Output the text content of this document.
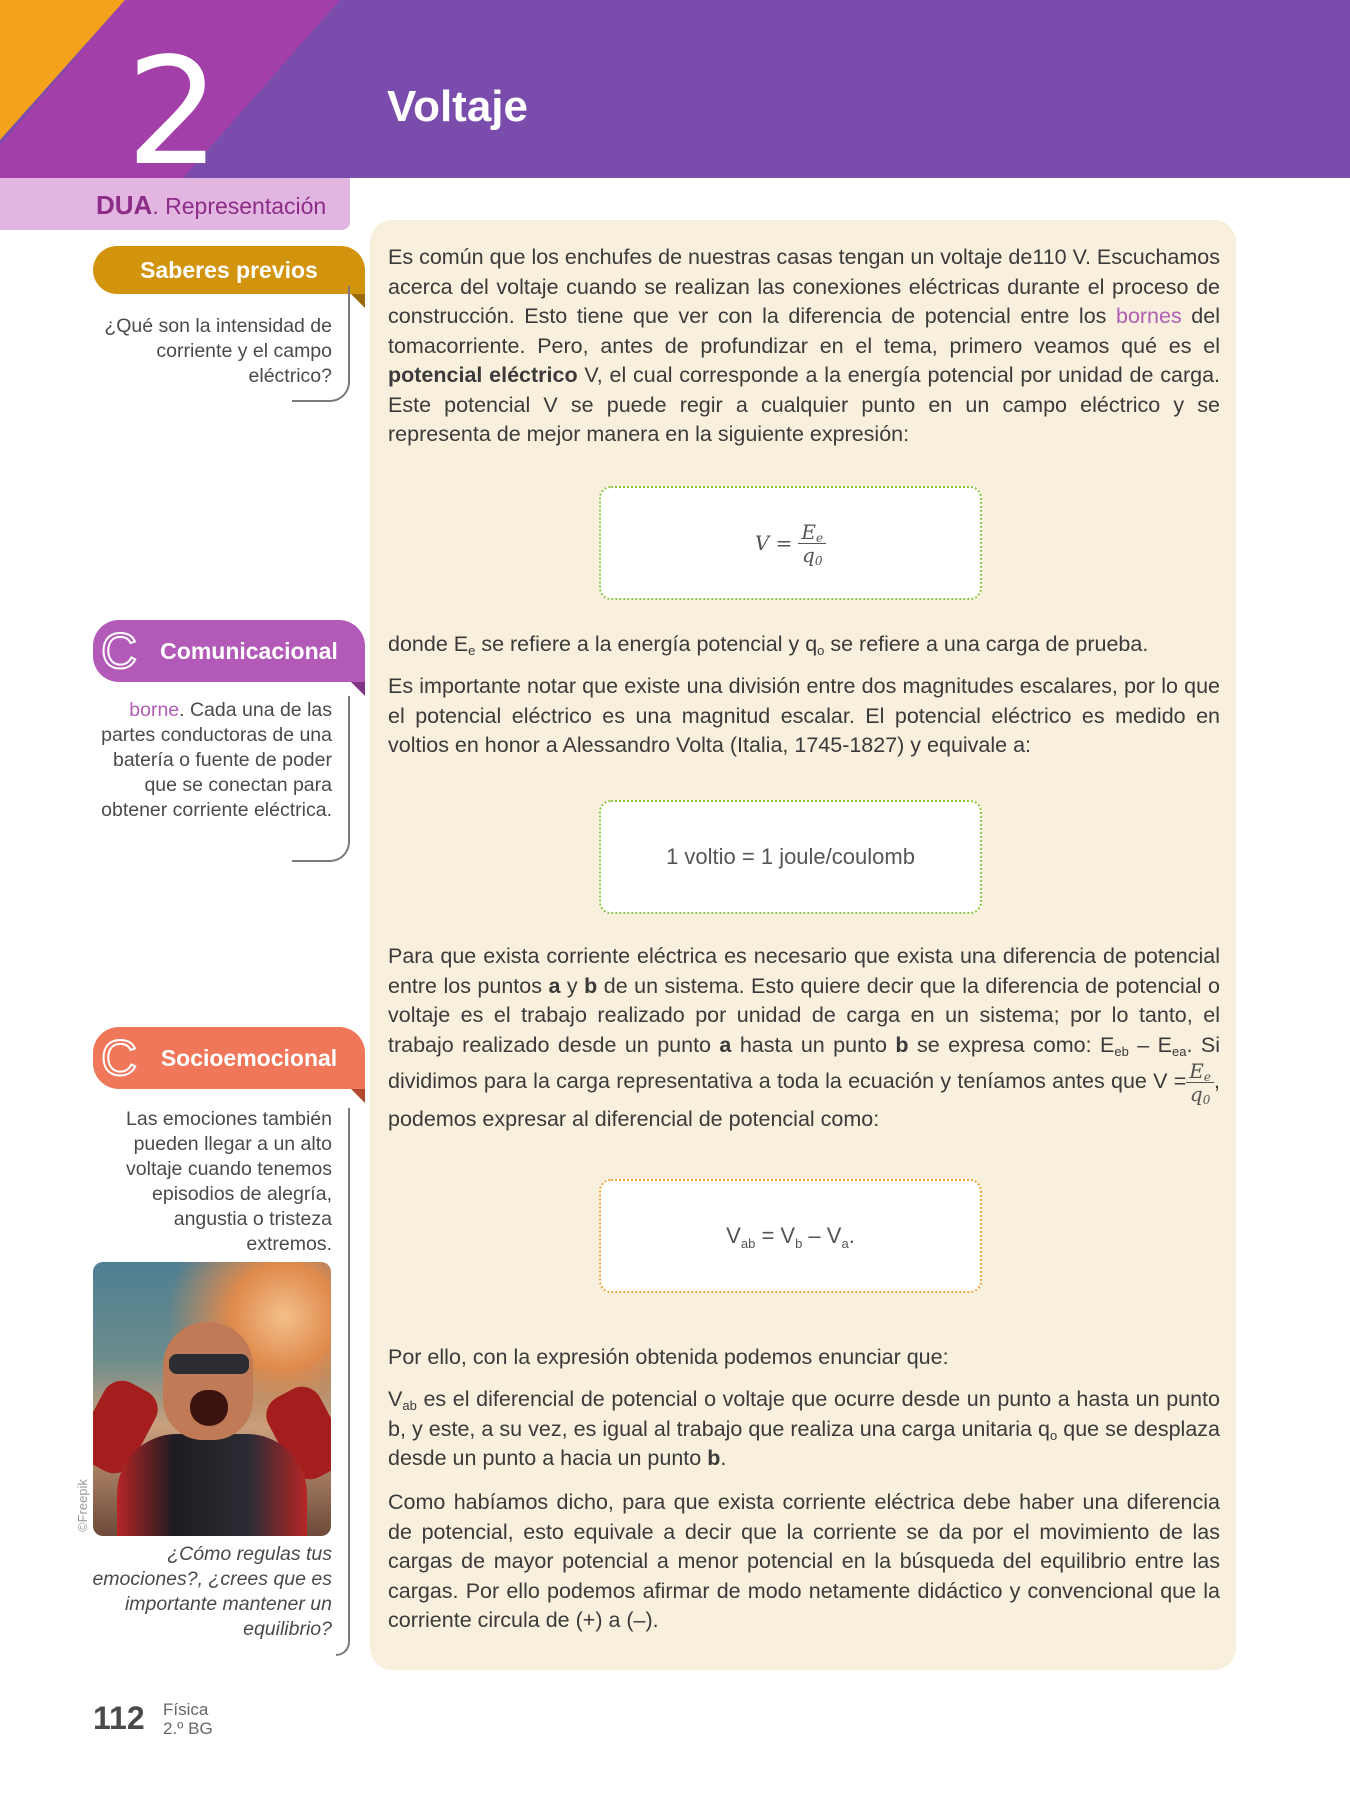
2	Voltaje
DUA. Representación
Saberes previos
¿Qué son la intensidad de corriente y el campo eléctrico?
C Comunicacional
borne. Cada una de las partes conductoras de una batería o fuente de poder que se conectan para obtener corriente eléctrica.
C Socioemocional
Las emociones también pueden llegar a un alto voltaje cuando tenemos episodios de alegría, angustia o tristeza extremos.
©Freepik
¿Cómo regulas tus emociones?, ¿crees que es importante mantener un equilibrio?
Es común que los enchufes de nuestras casas tengan un voltaje de110 V. Escuchamos acerca del voltaje cuando se realizan las conexiones eléctricas durante el proceso de construcción. Esto tiene que ver con la diferencia de potencial entre los bornes del tomacorriente. Pero, antes de profundizar en el tema, primero veamos qué es el potencial eléctrico V, el cual corresponde a la energía potencial por unidad de carga. Este potencial V se puede regir a cualquier punto en un campo eléctrico y se representa de mejor manera en la siguiente expresión:
$V = \frac{E_e}{q_0}$
donde $E_e$ se refiere a la energía potencial y $q_o$ se refiere a una carga de prueba.
Es importante notar que existe una división entre dos magnitudes escalares, por lo que el potencial eléctrico es una magnitud escalar. El potencial eléctrico es medido en voltios en honor a Alessandro Volta (Italia, 1745-1827) y equivale a:
1 voltio = 1 joule/coulomb
Para que exista corriente eléctrica es necesario que exista una diferencia de potencial entre los puntos a y b de un sistema. Esto quiere decir que la diferencia de potencial o voltaje es el trabajo realizado por unidad de carga en un sistema; por lo tanto, el trabajo realizado desde un punto a hasta un punto b se expresa como: $E_{eb} - E_{ea}$. Si dividimos para la carga representativa a toda la ecuación y teníamos antes que $V = \frac{E_e}{q_0}$ , podemos expresar al diferencial de potencial como:
$V_{ab} = V_b - V_a$.
Por ello, con la expresión obtenida podemos enunciar que:
$V_{ab}$ es el diferencial de potencial o voltaje que ocurre desde un punto a hasta un punto b, y este, a su vez, es igual al trabajo que realiza una carga unitaria $q_o$ que se desplaza desde un punto a hacia un punto b.
Como habíamos dicho, para que exista corriente eléctrica debe haber una diferencia de potencial, esto equivale a decir que la corriente se da por el movimiento de las cargas de mayor potencial a menor potencial en la búsqueda del equilibrio entre las cargas. Por ello podemos afirmar de modo netamente didáctico y convencional que la corriente circula de (+) a (–).
112 Física
2.º BG
